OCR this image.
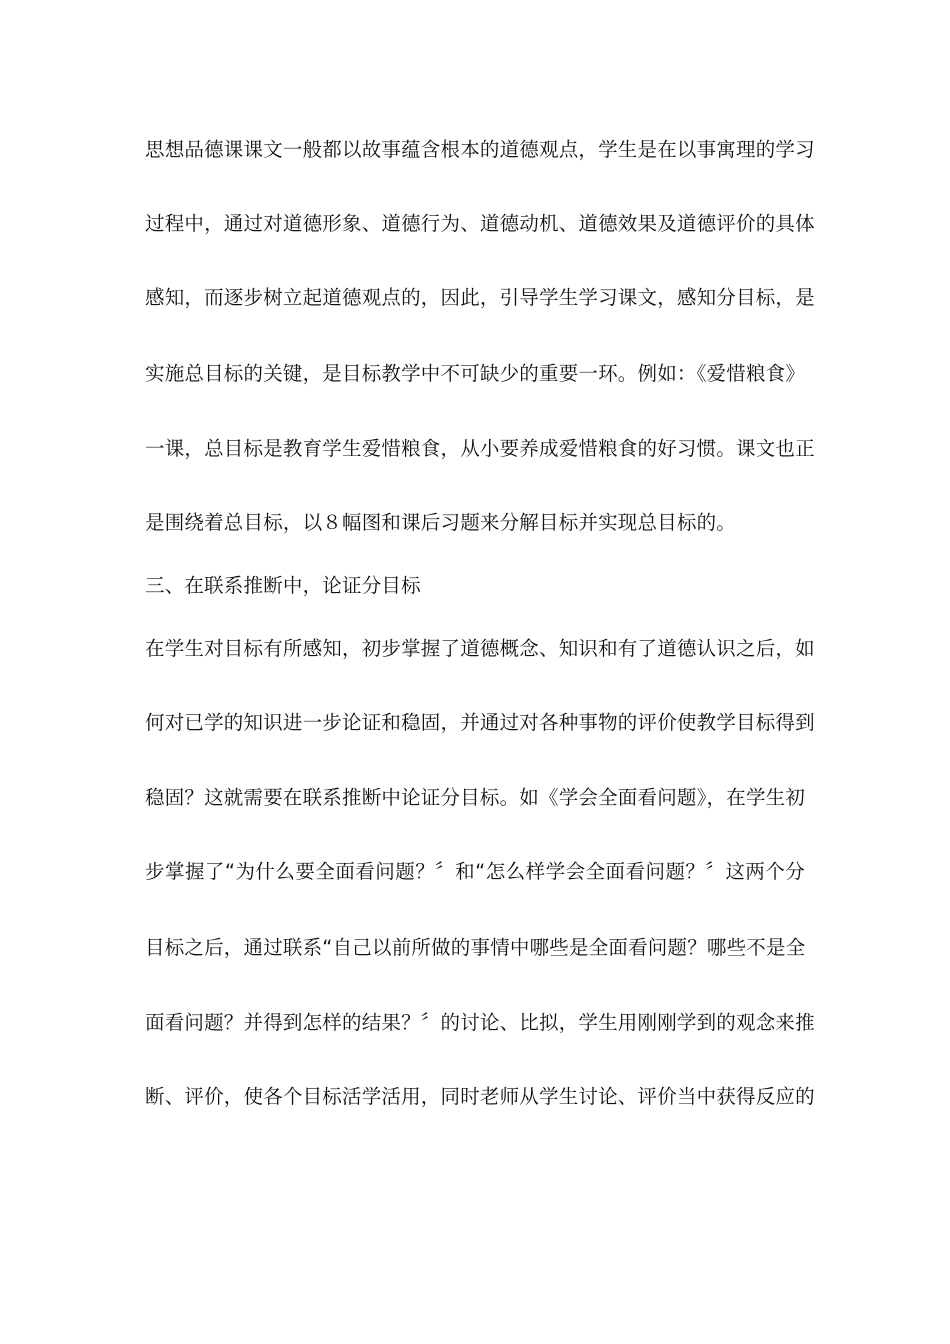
思想品德课课文一般都以故事蕴含根本的道德观点，学生是在以事寓理的学习
过程中，通过对道德形象、道德行为、道德动机、道德效果及道德评价的具体
感知，而逐步树立起道德观点的，因此，引导学生学习课文，感知分目标，是
实施总目标的关键，是目标教学中不可缺少的重要一环。例如：《爱惜粮食》
一课，总目标是教育学生爱惜粮食，从小要养成爱惜粮食的好习惯。课文也正
是围绕着总目标，以８幅图和课后习题来分解目标并实现总目标的。
三、在联系推断中，论证分目标
在学生对目标有所感知，初步掌握了道德概念、知识和有了道德认识之后，如
何对已学的知识进一步论证和稳固，并通过对各种事物的评价使教学目标得到
稳固？这就需要在联系推断中论证分目标。如《学会全面看问题》，在学生初
步掌握了“为什么要全面看问题？〞和“怎么样学会全面看问题？〞这两个分
目标之后，通过联系“自己以前所做的事情中哪些是全面看问题？哪些不是全
面看问题？并得到怎样的结果？〞的讨论、比拟，学生用刚刚学到的观念来推
断、评价，使各个目标活学活用，同时老师从学生讨论、评价当中获得反应的
